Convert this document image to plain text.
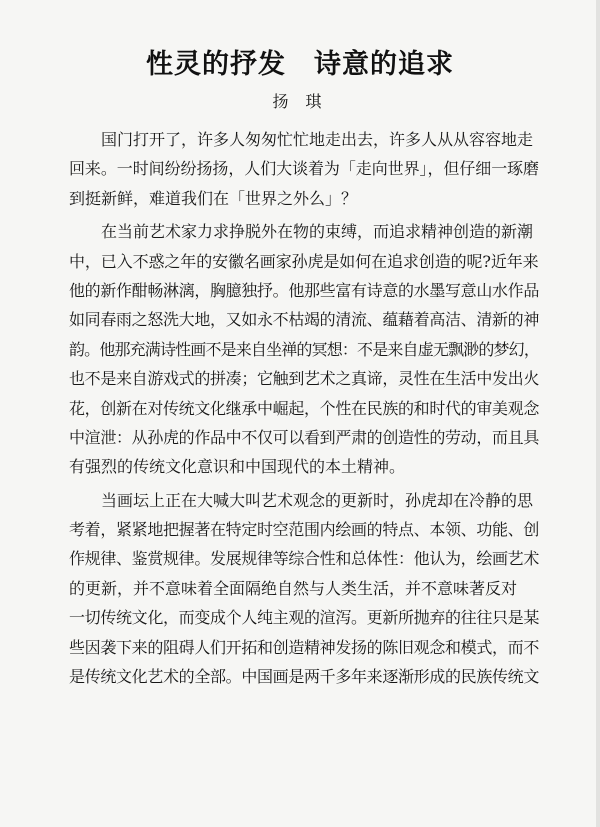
性灵的抒发　诗意的追求
扬 琪
国门打开了，许多人匆匆忙忙地走出去，许多人从从容容地走
回来。一时间纷纷扬扬，人们大谈着为「走向世界」，但仔细一琢磨
到挺新鲜，难道我们在「世界之外么」？
在当前艺术家力求挣脱外在物的束缚，而追求精神创造的新潮
中，已入不惑之年的安徽名画家孙虎是如何在追求创造的呢?近年来
他的新作酣畅淋漓，胸臆独抒。他那些富有诗意的水墨写意山水作品
如同春雨之怒洗大地，又如永不枯竭的清流、蕴藉着高洁、清新的神
韵。他那充满诗性画不是来自坐禅的冥想：不是来自虚无飘渺的梦幻，
也不是来自游戏式的拼凑；它触到艺术之真谛，灵性在生活中发出火
花，创新在对传统文化继承中崛起，个性在民族的和时代的审美观念
中渲泄：从孙虎的作品中不仅可以看到严肃的创造性的劳动，而且具
有强烈的传统文化意识和中国现代的本土精神。
当画坛上正在大喊大叫艺术观念的更新时，孙虎却在冷静的思
考着，紧紧地把握著在特定时空范围内绘画的特点、本领、功能、创
作规律、鉴赏规律。发展规律等综合性和总体性：他认为，绘画艺术
的更新，并不意味着全面隔绝自然与人类生活，并不意味著反对
一切传统文化，而变成个人纯主观的渲泻。更新所抛弃的往往只是某
些因袭下来的阻碍人们开拓和创造精神发扬的陈旧观念和模式，而不
是传统文化艺术的全部。中国画是两千多年来逐渐形成的民族传统文
